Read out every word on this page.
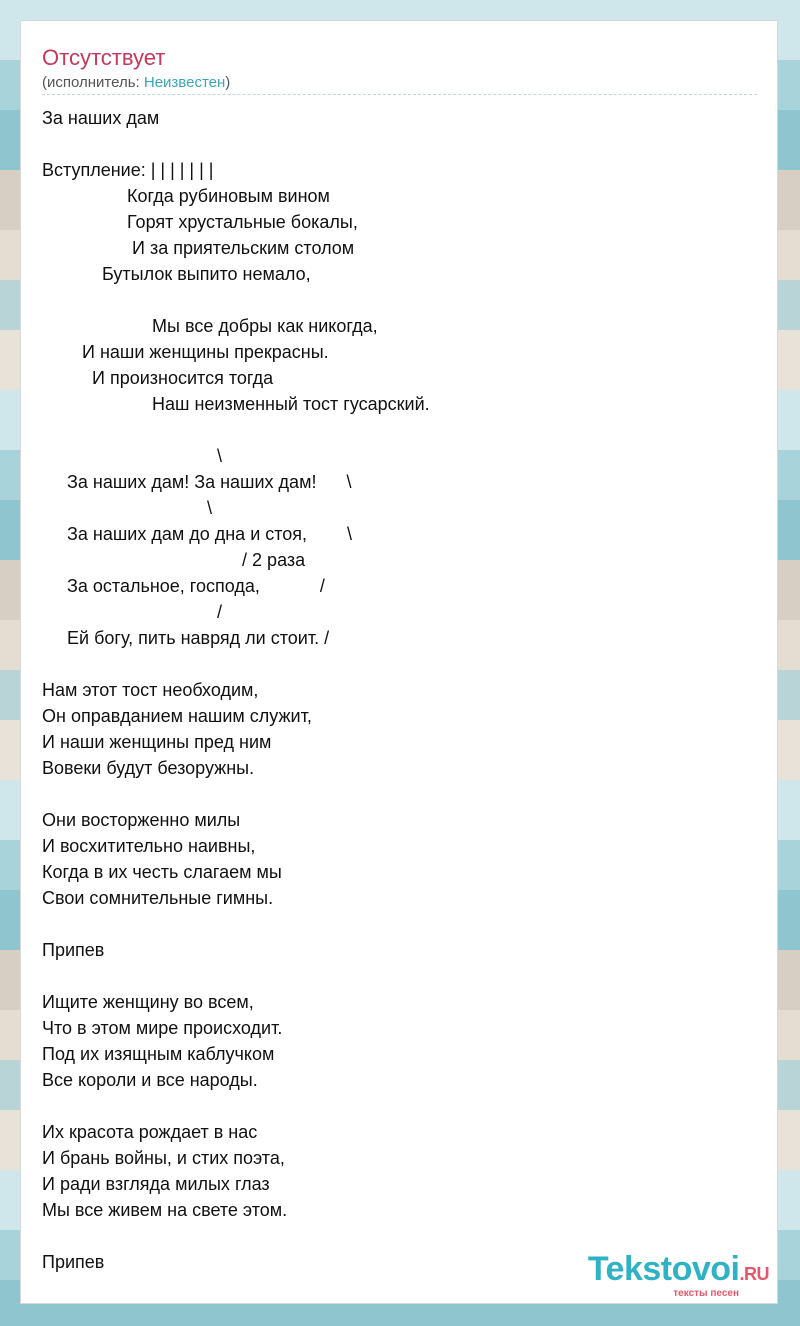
Отсутствует
(исполнитель: Неизвестен)
За наших дам

Вступление: | | | | | | |
Когда рубиновым вином
Горят хрустальные бокалы,
И за приятельским столом
Бутылок выпито немало,

Мы все добры как никогда,
И наши женщины прекрасны.
И произносится тогда
Наш неизменный тост гусарский.

\
За наших дам! За наших дам!      \
\
За наших дам до дна и стоя,        \
/ 2 раза
За остальное, господа,            /
/
Ей богу, пить навряд ли стоит. /

Нам этот тост необходим,
Он оправданием нашим служит,
И наши женщины пред ним
Вовеки будут безоружны.

Они восторженно милы
И восхитительно наивны,
Когда в их честь слагаем мы
Свои сомнительные гимны.

Припев

Ищите женщину во всем,
Что в этом мире происходит.
Под их изящным каблучком
Все короли и все народы.

Их красота рождает в нас
И брань войны, и стих поэта,
И ради взгляда милых глаз
Мы все живем на свете этом.

Припев	Tekstovoi.RU
тексты песен
